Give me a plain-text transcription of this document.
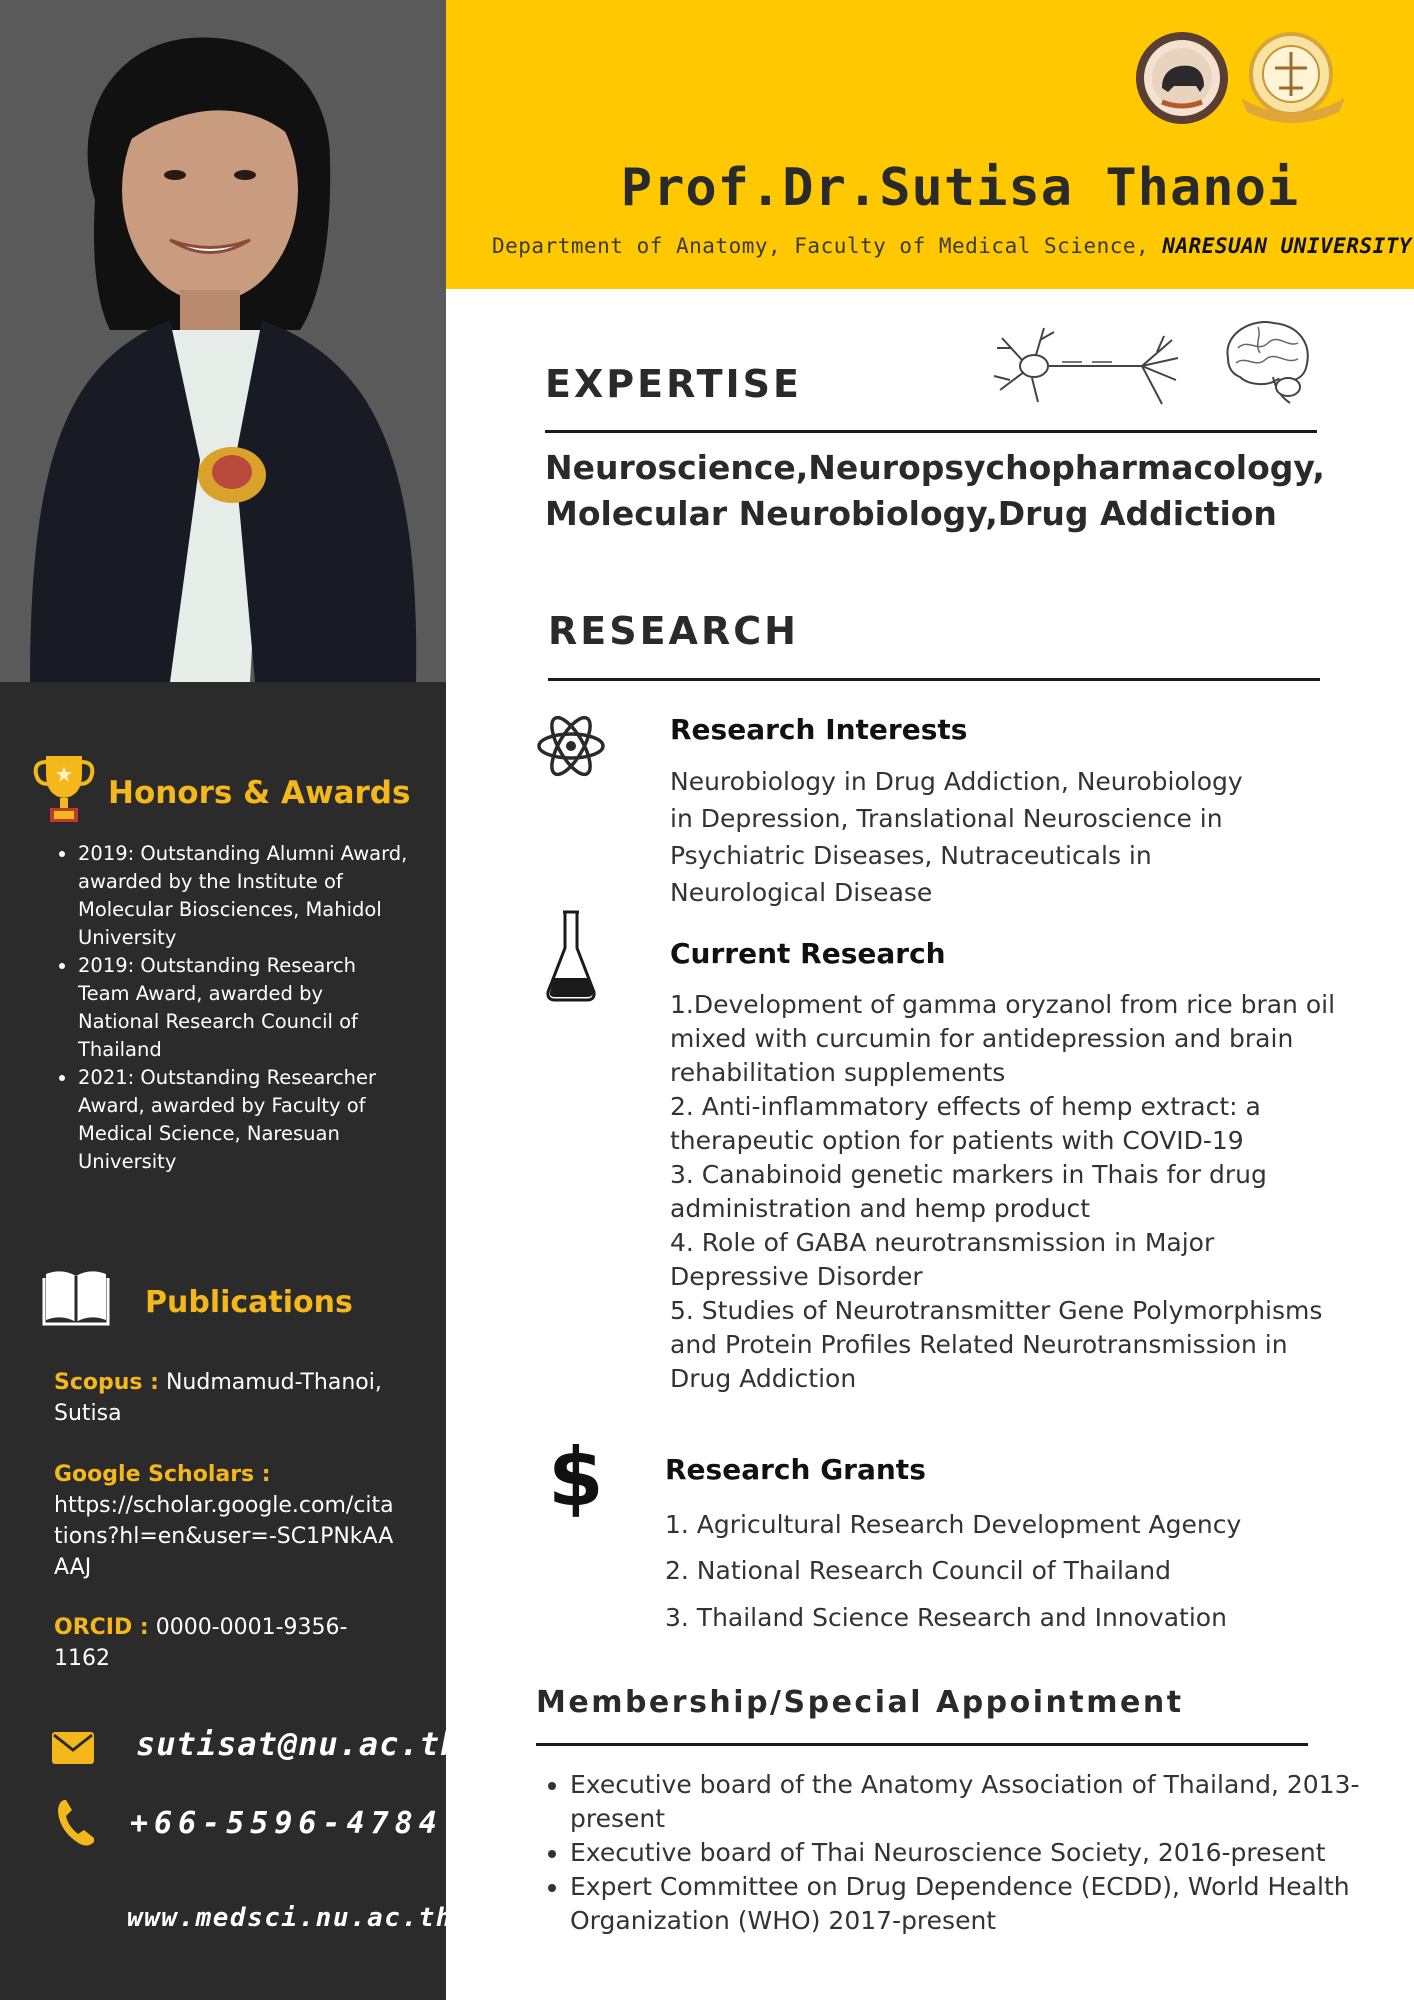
Prof.Dr.Sutisa Thanoi
Department of Anatomy, Faculty of Medical Science, NARESUAN UNIVERSITY
EXPERTISE
Neuroscience,Neuropsychopharmacology,
Molecular Neurobiology,Drug Addiction
RESEARCH
Research Interests
Neurobiology in Drug Addiction, Neurobiology
in Depression, Translational Neuroscience in
Psychiatric Diseases, Nutraceuticals in
Neurological Disease
Current Research
1.Development of gamma oryzanol from rice bran oil
mixed with curcumin for antidepression and brain
rehabilitation supplements
2. Anti-inflammatory effects of hemp extract: a
therapeutic option for patients with COVID-19
3. Canabinoid genetic markers in Thais for drug
administration and hemp product
4. Role of GABA neurotransmission in Major
Depressive Disorder
5. Studies of Neurotransmitter Gene Polymorphisms
and Protein Profiles Related Neurotransmission in
Drug Addiction
$ Research Grants
1. Agricultural Research Development Agency
2. National Research Council of Thailand
3. Thailand Science Research and Innovation
Membership/Special Appointment
• Executive board of the Anatomy Association of Thailand, 2013-present
• Executive board of Thai Neuroscience Society, 2016-present
• Expert Committee on Drug Dependence (ECDD), World Health Organization (WHO) 2017-present
Honors & Awards
• 2019: Outstanding Alumni Award, awarded by the Institute of Molecular Biosciences, Mahidol University
• 2019: Outstanding Research Team Award, awarded by National Research Council of Thailand
• 2021: Outstanding Researcher Award, awarded by Faculty of Medical Science, Naresuan University
Publications
Scopus : Nudmamud-Thanoi, Sutisa
Google Scholars :
https://scholar.google.com/citations?hl=en&user=-SC1PNkAAAAJ
ORCID : 0000-0001-9356-1162
sutisat@nu.ac.th
+66-5596-4784
www.medsci.nu.ac.th
